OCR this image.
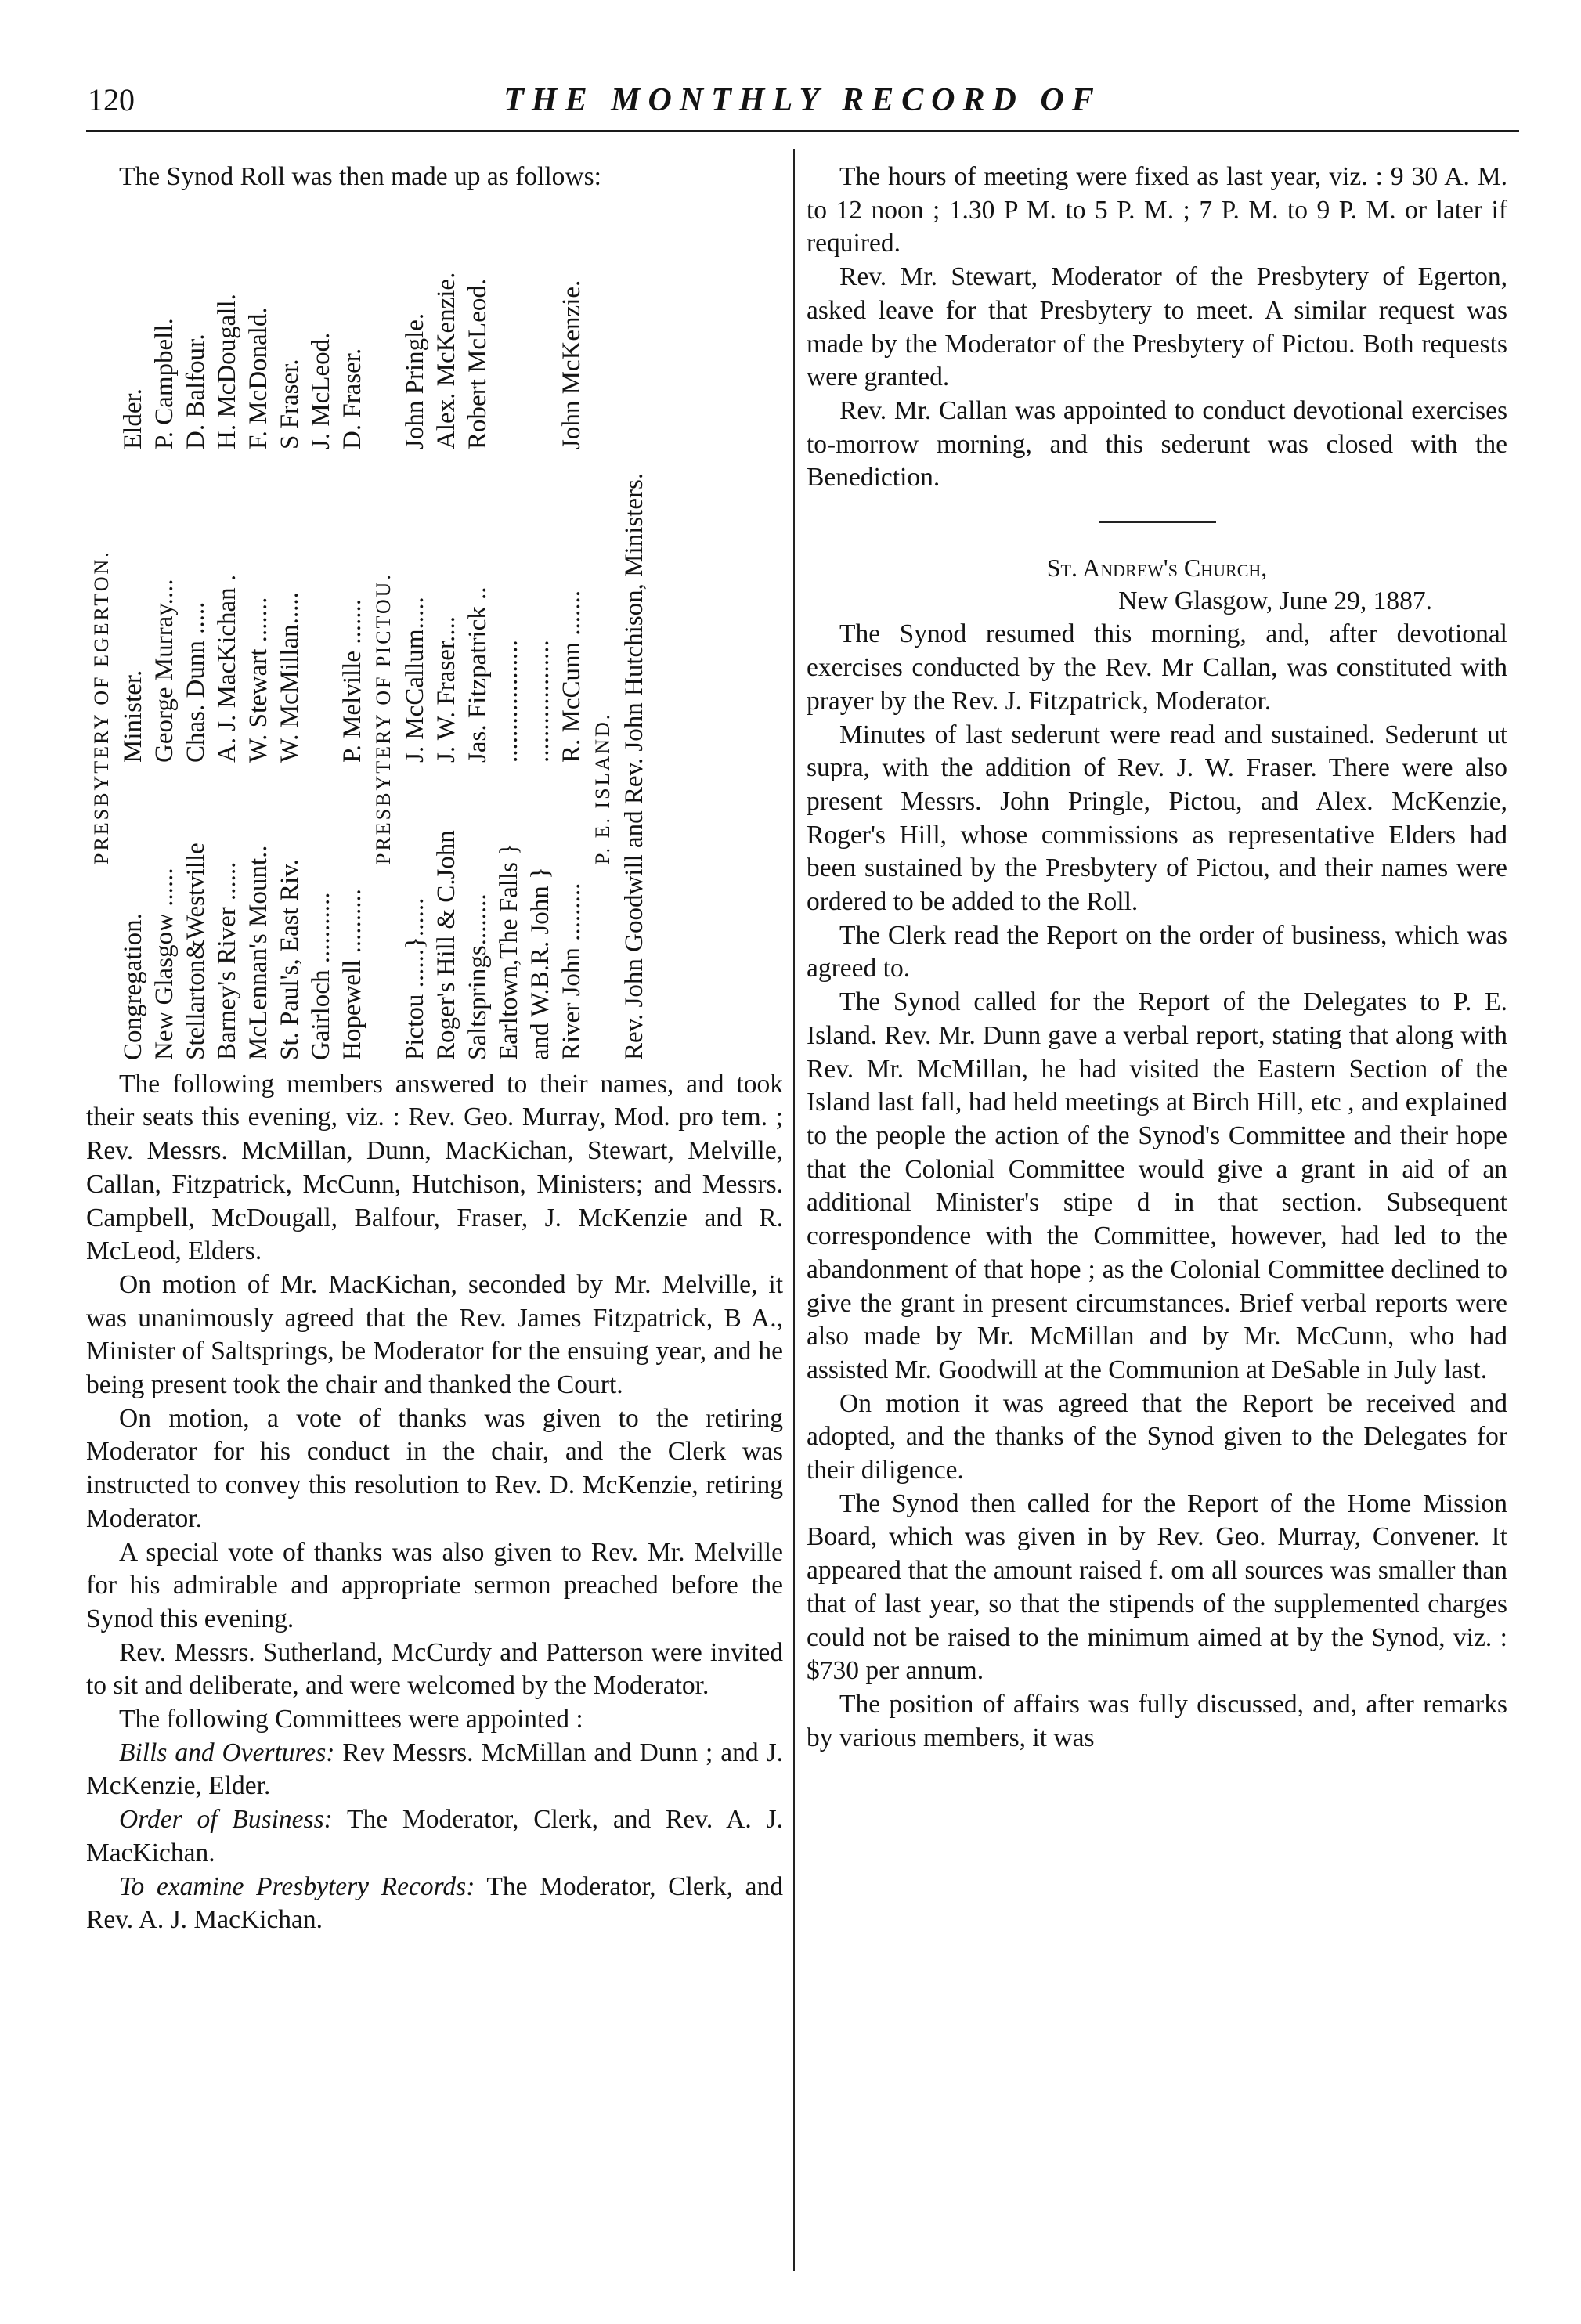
120	THE MONTHLY RECORD OF

The Synod Roll was then made up as follows:

PRESBYTERY OF EGERTON.
Congregation.
Minister.
Elder.
New Glasgow ......
George Murray....
P. Campbell.
Stellarton&Westville
Chas. Dunn .....
D. Balfour.
Barney's River ......
A. J. MacKichan .
H. McDougall.
McLennan's Mount..
W. Stewart .......
F. McDonald.
St. Paul's, East Riv.
W. McMillan.....
S Fraser.
Gairloch ...........
J. McLeod.
Hopewell ..........
P. Melville .......
D. Fraser.
PRESBYTERY OF PICTOU.
Pictou ......}......
J. McCallum.....
John Pringle.
Roger's Hill & C.John
J. W. Fraser....
Alex. McKenzie.
Saltsprings........
Jas. Fitzpatrick ..
Robert McLeod.
Earltown,The Falls }
...................
and W.B.R. John }
...................
River John .........
R. McCunn .......
John McKenzie.
P. E. ISLAND. Rev. John Goodwill and Rev. John Hutchison, Ministers.

The following members answered to their names, and took their seats this evening, viz. : Rev. Geo. Murray, Mod. pro tem. ; Rev. Messrs. McMillan, Dunn, MacKichan, Stewart, Melville, Callan, Fitzpatrick, McCunn, Hutchison, Ministers; and Messrs. Campbell, McDougall, Balfour, Fraser, J. McKenzie and R. McLeod, Elders.

On motion of Mr. MacKichan, seconded by Mr. Melville, it was unanimously agreed that the Rev. James Fitzpatrick, B A., Minister of Saltsprings, be Moderator for the ensuing year, and he being present took the chair and thanked the Court.

On motion, a vote of thanks was given to the retiring Moderator for his conduct in the chair, and the Clerk was instructed to convey this resolution to Rev. D. McKenzie, retiring Moderator.

A special vote of thanks was also given to Rev. Mr. Melville for his admirable and appropriate sermon preached before the Synod this evening.

Rev. Messrs. Sutherland, McCurdy and Patterson were invited to sit and deliberate, and were welcomed by the Moderator.

The following Committees were appointed :

Bills and Overtures: Rev Messrs. McMillan and Dunn ; and J. McKenzie, Elder.

Order of Business: The Moderator, Clerk, and Rev. A. J. MacKichan.

To examine Presbytery Records: The Moderator, Clerk, and Rev. A. J. MacKichan.

The hours of meeting were fixed as last year, viz. : 9 30 A. M. to 12 noon ; 1.30 P M. to 5 P. M. ; 7 P. M. to 9 P. M. or later if required.

Rev. Mr. Stewart, Moderator of the Presbytery of Egerton, asked leave for that Presbytery to meet. A similar request was made by the Moderator of the Presbytery of Pictou. Both requests were granted.

Rev. Mr. Callan was appointed to conduct devotional exercises to-morrow morning, and this sederunt was closed with the Benediction.

St. Andrew's Church,

New Glasgow, June 29, 1887.

The Synod resumed this morning, and, after devotional exercises conducted by the Rev. Mr Callan, was constituted with prayer by the Rev. J. Fitzpatrick, Moderator.

Minutes of last sederunt were read and sustained. Sederunt ut supra, with the addition of Rev. J. W. Fraser. There were also present Messrs. John Pringle, Pictou, and Alex. McKenzie, Roger's Hill, whose commissions as representative Elders had been sustained by the Presbytery of Pictou, and their names were ordered to be added to the Roll.

The Clerk read the Report on the order of business, which was agreed to.

The Synod called for the Report of the Delegates to P. E. Island. Rev. Mr. Dunn gave a verbal report, stating that along with Rev. Mr. McMillan, he had visited the Eastern Section of the Island last fall, had held meetings at Birch Hill, etc , and explained to the people the action of the Synod's Committee and their hope that the Colonial Committee would give a grant in aid of an additional Minister's stipe d in that section. Subsequent correspondence with the Committee, however, had led to the abandonment of that hope ; as the Colonial Committee declined to give the grant in present circumstances. Brief verbal reports were also made by Mr. McMillan and by Mr. McCunn, who had assisted Mr. Goodwill at the Communion at DeSable in July last.

On motion it was agreed that the Report be received and adopted, and the thanks of the Synod given to the Delegates for their diligence.

The Synod then called for the Report of the Home Mission Board, which was given in by Rev. Geo. Murray, Convener. It appeared that the amount raised f. om all sources was smaller than that of last year, so that the stipends of the supplemented charges could not be raised to the minimum aimed at by the Synod, viz. : $730 per annum.

The position of affairs was fully discussed, and, after remarks by various members, it was
